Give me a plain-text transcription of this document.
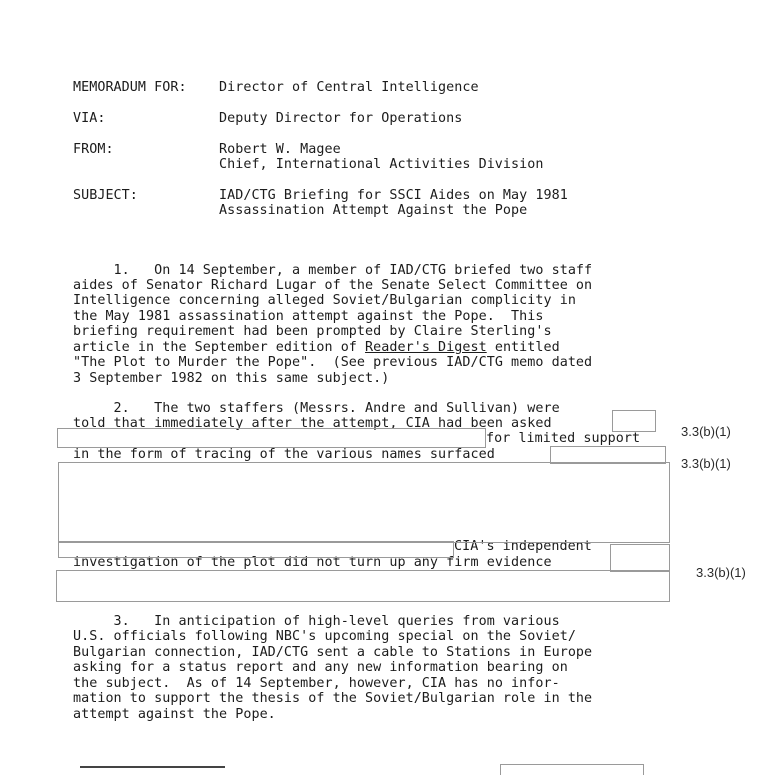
MEMORADUM FOR: Director of Central Intelligence
VIA:	Deputy Director for Operations
FROM:	Robert W. Magee
Chief, International Activities Division
SUBJECT:	IAD/CTG Briefing for SSCI Aides on May 1981
Assassination Attempt Against the Pope
1.   On 14 September, a member of IAD/CTG briefed two staff
aides of Senator Richard Lugar of the Senate Select Committee on
Intelligence concerning alleged Soviet/Bulgarian complicity in
the May 1981 assassination attempt against the Pope.  This
briefing requirement had been prompted by Claire Sterling's
article in the September edition of Reader's Digest entitled
"The Plot to Murder the Pope".  (See previous IAD/CTG memo dated
3 September 1982 on this same subject.)
2.   The two staffers (Messrs. Andre and Sullivan) were
told that immediately after the attempt, CIA had been asked
for limited support
in the form of tracing of the various names surfaced
CIA's independent
investigation of the plot did not turn up any firm evidence
3.3(b)(1)
3.3(b)(1)
3.3(b)(1)
3.   In anticipation of high-level queries from various
U.S. officials following NBC's upcoming special on the Soviet/
Bulgarian connection, IAD/CTG sent a cable to Stations in Europe
asking for a status report and any new information bearing on
the subject.  As of 14 September, however, CIA has no infor-
mation to support the thesis of the Soviet/Bulgarian role in the
attempt against the Pope.
